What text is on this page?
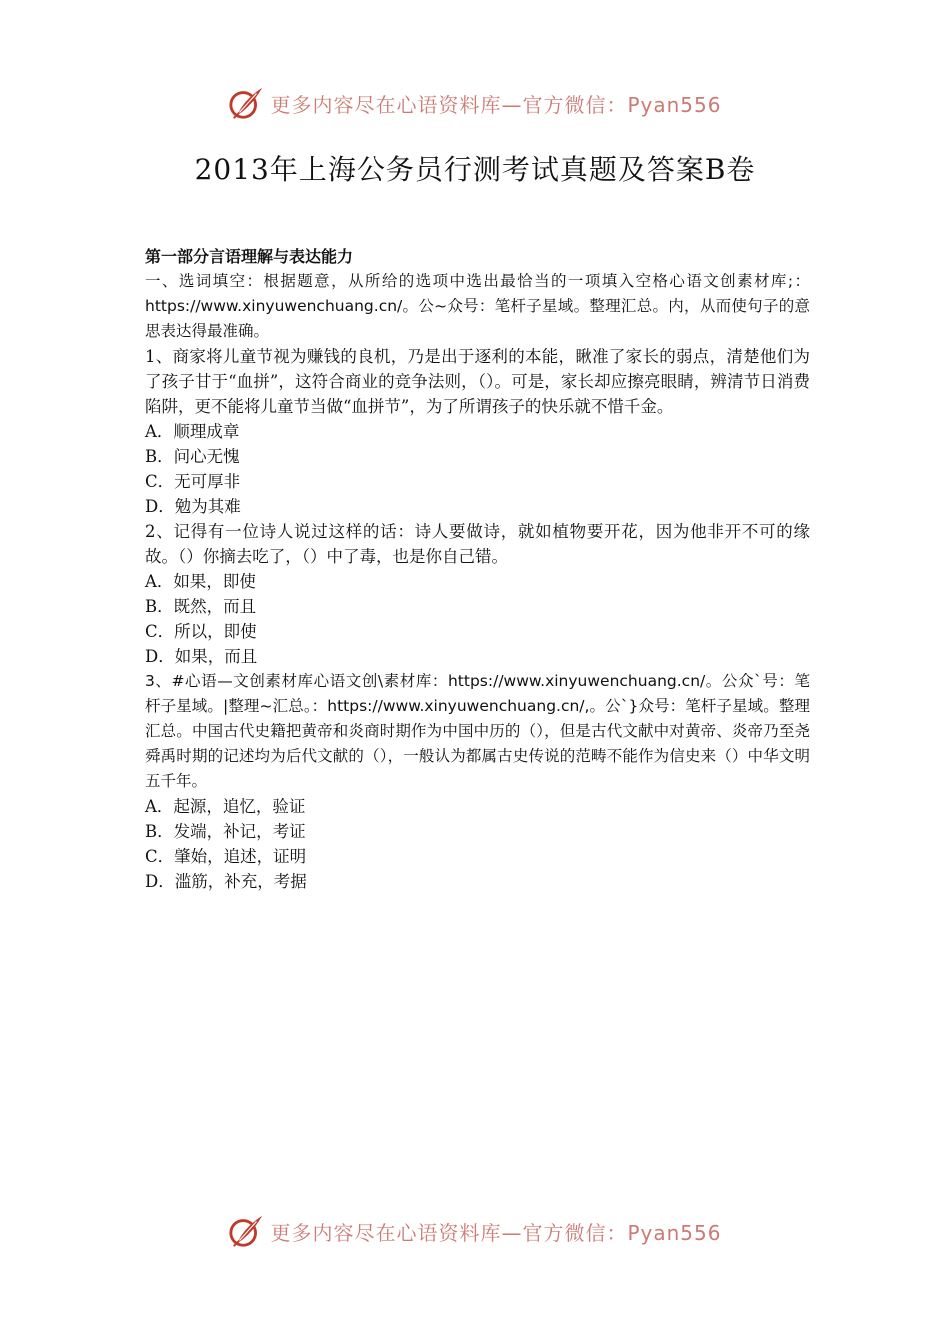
更多内容尽在心语资料库—官方微信：Pyan556
2013年上海公务员行测考试真题及答案B卷

第一部分言语理解与表达能力

一、选词填空：根据题意，从所给的选项中选出最恰当的一项填入空格心语文创素材库;：https://www.xinyuwenchuang.cn/。公~众号：笔杆子星域。整理汇总。内，从而使句子的意思表达得最准确。

1、商家将儿童节视为赚钱的良机，乃是出于逐利的本能，瞅准了家长的弱点，清楚他们为了孩子甘于“血拼”，这符合商业的竞争法则，（）。可是，家长却应擦亮眼睛，辨清节日消费陷阱，更不能将儿童节当做“血拼节”，为了所谓孩子的快乐就不惜千金。

A．顺理成章

B．问心无愧

C．无可厚非

D．勉为其难

2、记得有一位诗人说过这样的话：诗人要做诗，就如植物要开花，因为他非开不可的缘故。（）你摘去吃了，（）中了毒，也是你自己错。

A．如果，即使

B．既然，而且

C．所以，即使

D．如果，而且

3、#心语—文创素材库心语文创\素材库：https://www.xinyuwenchuang.cn/。公众`号：笔杆子星域。|整理~汇总。：https://www.xinyuwenchuang.cn/,。公`}众号：笔杆子星域。整理汇总。中国古代史籍把黄帝和炎商时期作为中国中历的（），但是古代文献中对黄帝、炎帝乃至尧舜禹时期的记述均为后代文献的（），一般认为都属古史传说的范畴不能作为信史来（）中华文明五千年。

A．起源，追忆，验证

B．发端，补记，考证

C．肇始，追述，证明

D．滥筋，补充，考据

更多内容尽在心语资料库—官方微信：Pyan556
